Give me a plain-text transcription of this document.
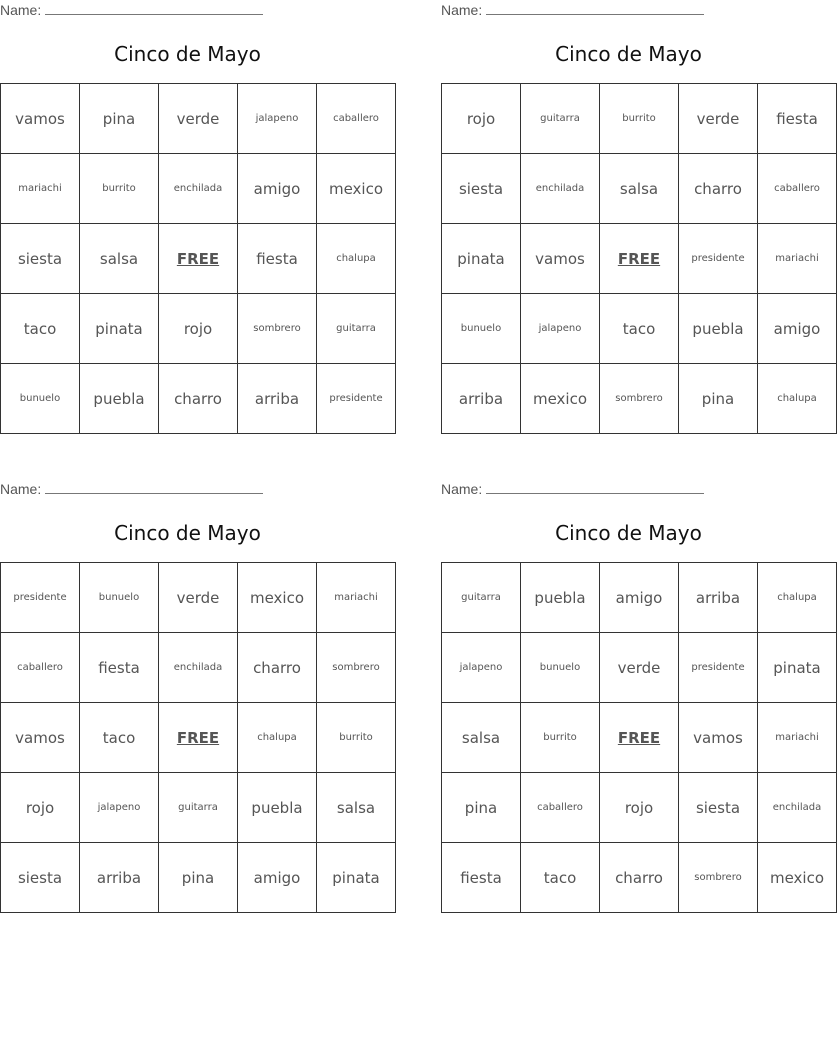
Name:
Cinco de Mayo
vamos	pina	verde	jalapeno	caballero
mariachi	burrito	enchilada	amigo	mexico
siesta	salsa	FREE	fiesta	chalupa
taco	pinata	rojo	sombrero	guitarra
bunuelo	puebla	charro	arriba	presidente
Name:
Cinco de Mayo
rojo	guitarra	burrito	verde	fiesta
siesta	enchilada	salsa	charro	caballero
pinata	vamos	FREE	presidente	mariachi
bunuelo	jalapeno	taco	puebla	amigo
arriba	mexico	sombrero	pina	chalupa
Name:
Cinco de Mayo
presidente	bunuelo	verde	mexico	mariachi
caballero	fiesta	enchilada	charro	sombrero
vamos	taco	FREE	chalupa	burrito
rojo	jalapeno	guitarra	puebla	salsa
siesta	arriba	pina	amigo	pinata
Name:
Cinco de Mayo
guitarra	puebla	amigo	arriba	chalupa
jalapeno	bunuelo	verde	presidente	pinata
salsa	burrito	FREE	vamos	mariachi
pina	caballero	rojo	siesta	enchilada
fiesta	taco	charro	sombrero	mexico
